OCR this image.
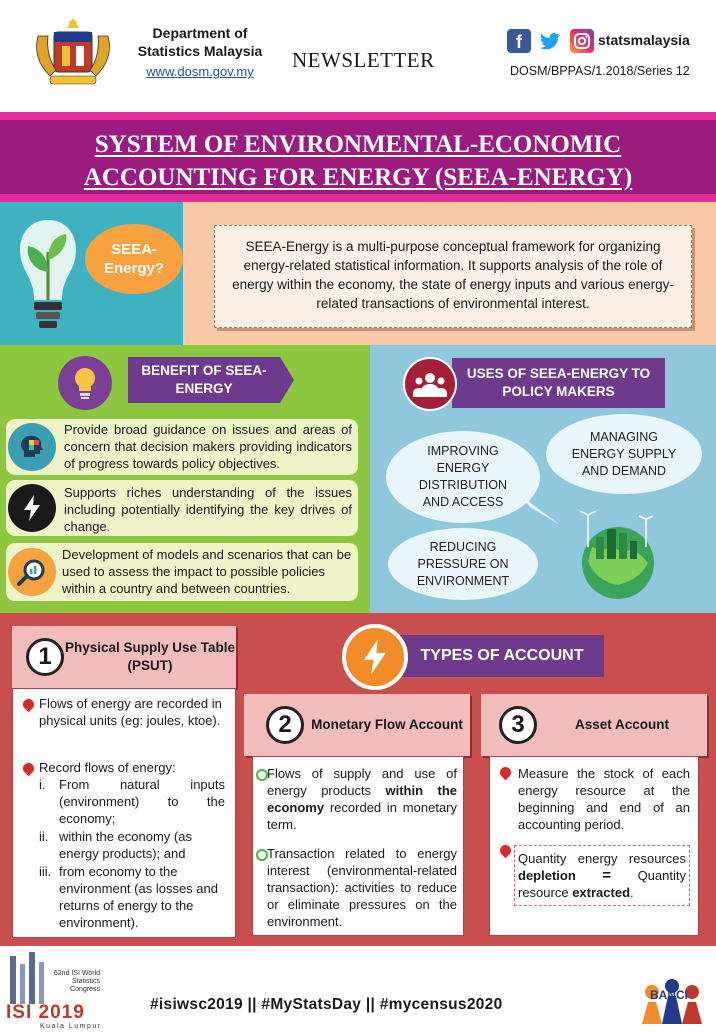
Department of Statistics Malaysia
www.dosm.gov.my	NEWSLETTER
f	statsmalaysia
DOSM/BPPAS/1.2018/Series 12
SYSTEM OF ENVIRONMENTAL-ECONOMIC
ACCOUNTING FOR ENERGY (SEEA-ENERGY)
SEEA-Energy?
SEEA-Energy is a multi-purpose conceptual framework for organizing energy-related statistical information. It supports analysis of the role of energy within the economy, the state of energy inputs and various energy-related transactions of environmental interest.
BENEFIT OF SEEA-ENERGY
Provide broad guidance on issues and areas of concern that decision makers providing indicators of progress towards policy objectives.
Supports riches understanding of the issues including potentially identifying the key drives of change.
Development of models and scenarios that can be used to assess the impact to possible policies within a country and between countries.
USES OF SEEA-ENERGY TO POLICY MAKERS
IMPROVING ENERGY DISTRIBUTION AND ACCESS
MANAGING ENERGY SUPPLY AND DEMAND
REDUCING PRESSURE ON ENVIRONMENT
TYPES OF ACCOUNT
1 Physical Supply Use Table (PSUT)
Flows of energy are recorded in physical units (eg: joules, ktoe).
Record flows of energy:
i.	From natural inputs (environment) to the economy;
ii. within the economy (as energy products); and
iii. from economy to the environment (as losses and returns of energy to the environment).
2	Monetary Flow Account
Flows of supply and use of energy products within the economy recorded in monetary term.
Transaction related to energy interest (environmental-related transaction): activities to reduce or eliminate pressures on the environment.
3	Asset Account
Measure the stock of each energy resource at the beginning and end of an accounting period.
Quantity energy resources depletion = Quantity resource extracted.
62nd ISI World Statistics Congress
ISI 2019
Kuala Lumpur
#isiwsc2019 || #MyStatsDay || #mycensus2020
BANCI
